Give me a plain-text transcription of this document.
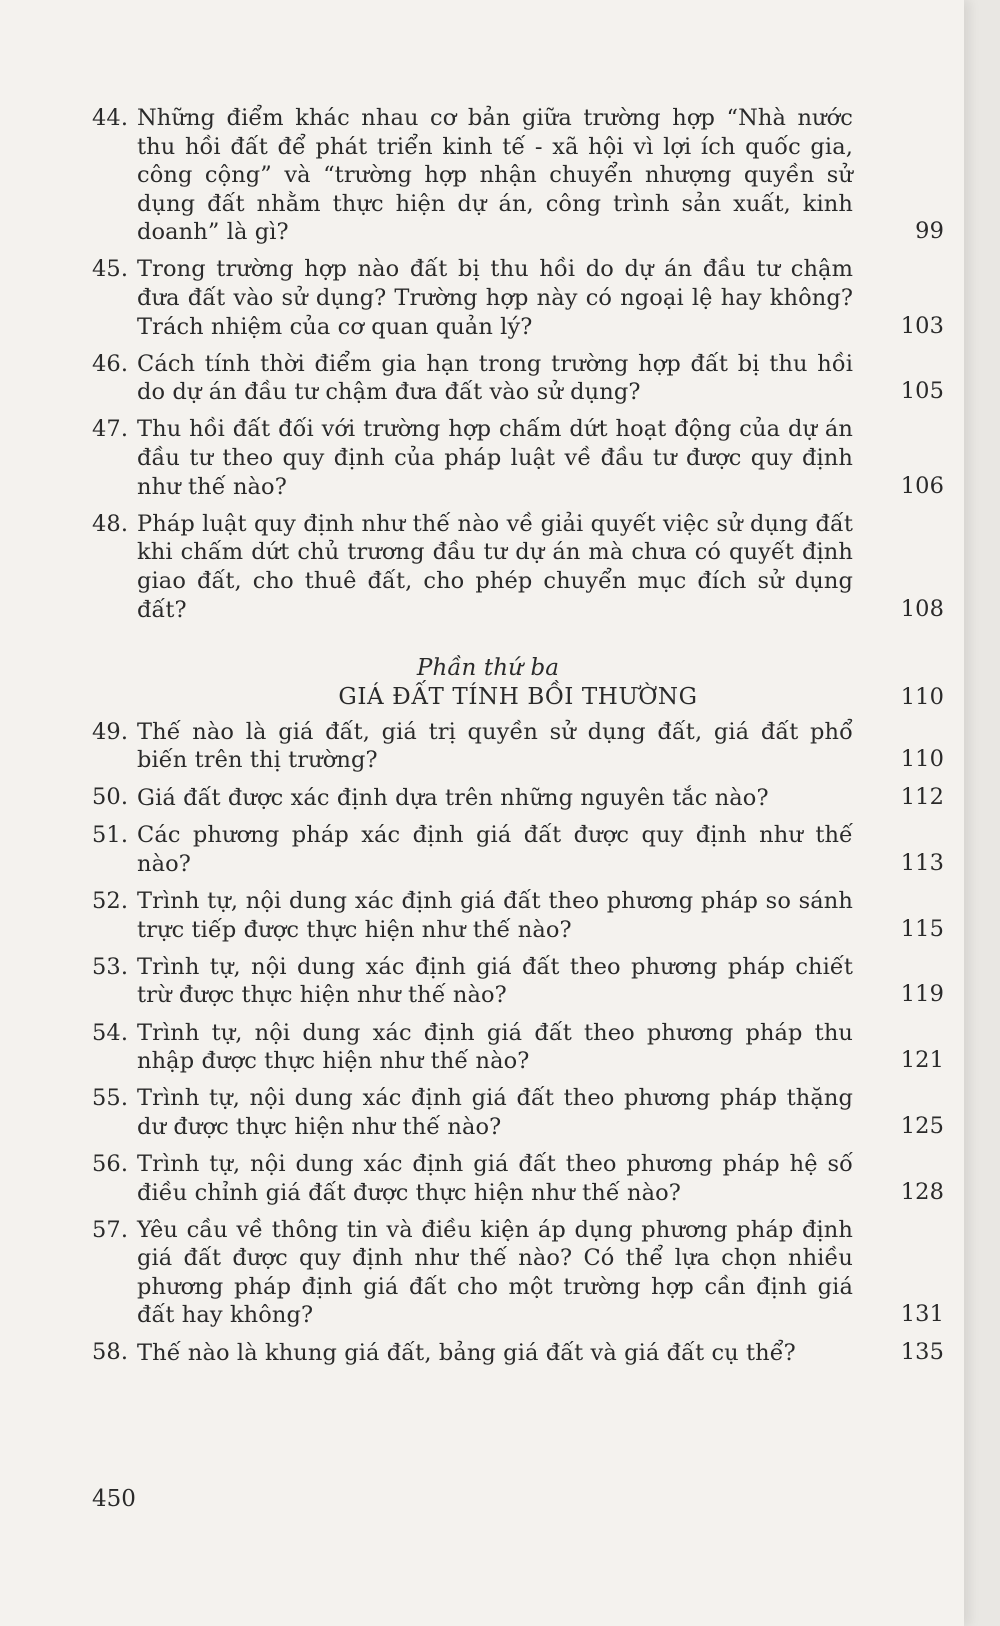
44. Những điểm khác nhau cơ bản giữa trường hợp “Nhà nước thu hồi đất để phát triển kinh tế - xã hội vì lợi ích quốc gia, công cộng” và “trường hợp nhận chuyển nhượng quyền sử dụng đất nhằm thực hiện dự án, công trình sản xuất, kinh doanh” là gì?	99
45. Trong trường hợp nào đất bị thu hồi do dự án đầu tư chậm đưa đất vào sử dụng? Trường hợp này có ngoại lệ hay không? Trách nhiệm của cơ quan quản lý?	103
46. Cách tính thời điểm gia hạn trong trường hợp đất bị thu hồi do dự án đầu tư chậm đưa đất vào sử dụng?	105
47. Thu hồi đất đối với trường hợp chấm dứt hoạt động của dự án đầu tư theo quy định của pháp luật về đầu tư được quy định như thế nào?	106
48. Pháp luật quy định như thế nào về giải quyết việc sử dụng đất khi chấm dứt chủ trương đầu tư dự án mà chưa có quyết định giao đất, cho thuê đất, cho phép chuyển mục đích sử dụng đất?	108
Phần thứ ba
GIÁ ĐẤT TÍNH BỒI THƯỜNG	110
49. Thế nào là giá đất, giá trị quyền sử dụng đất, giá đất phổ biến trên thị trường?	110
50. Giá đất được xác định dựa trên những nguyên tắc nào?	112
51. Các phương pháp xác định giá đất được quy định như thế nào?	113
52. Trình tự, nội dung xác định giá đất theo phương pháp so sánh trực tiếp được thực hiện như thế nào?	115
53. Trình tự, nội dung xác định giá đất theo phương pháp chiết trừ được thực hiện như thế nào?	119
54. Trình tự, nội dung xác định giá đất theo phương pháp thu nhập được thực hiện như thế nào?	121
55. Trình tự, nội dung xác định giá đất theo phương pháp thặng dư được thực hiện như thế nào?	125
56. Trình tự, nội dung xác định giá đất theo phương pháp hệ số điều chỉnh giá đất được thực hiện như thế nào?	128
57. Yêu cầu về thông tin và điều kiện áp dụng phương pháp định giá đất được quy định như thế nào? Có thể lựa chọn nhiều phương pháp định giá đất cho một trường hợp cần định giá đất hay không?	131
58. Thế nào là khung giá đất, bảng giá đất và giá đất cụ thể?	135
450
